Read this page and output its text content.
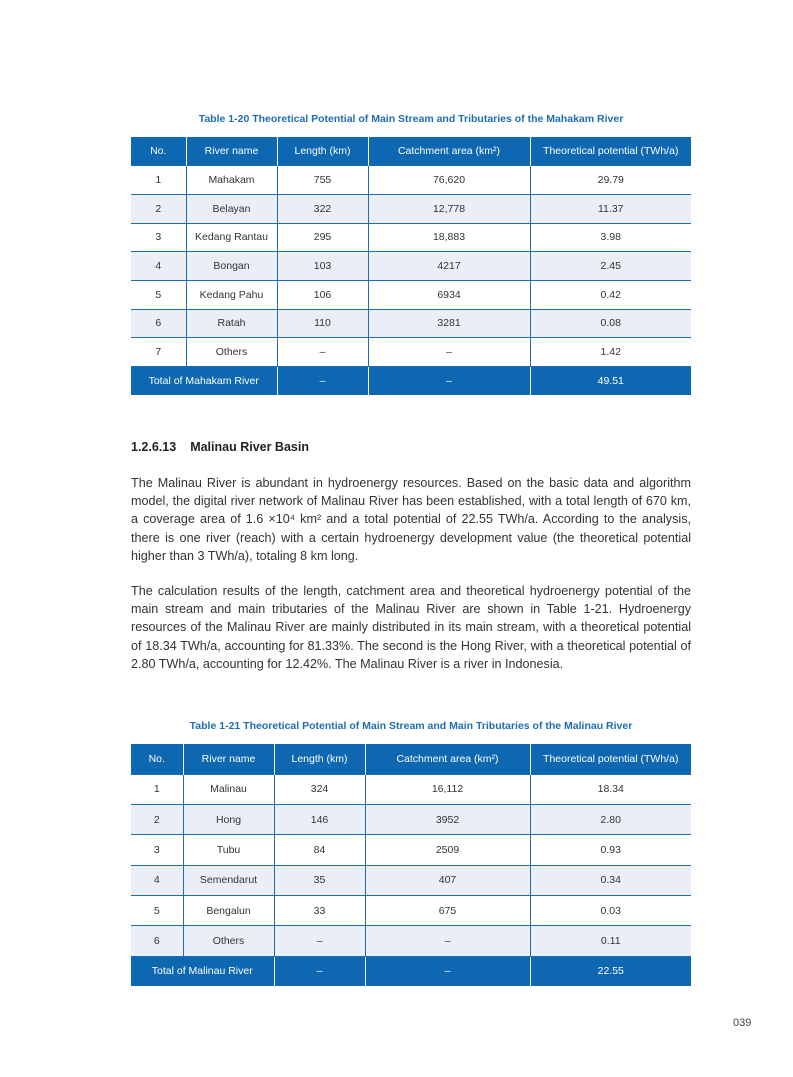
Table 1-20 Theoretical Potential of Main Stream and Tributaries of the Mahakam River
No.	River name	Length (km)	Catchment area (km²)	Theoretical potential (TWh/a)
1	Mahakam	755	76,620	29.79
2	Belayan	322	12,778	11.37
3	Kedang Rantau	295	18,883	3.98
4	Bongan	103	4217	2.45
5	Kedang Pahu	106	6934	0.42
6	Ratah	110	3281	0.08
7	Others	–	–	1.42
Total of Mahakam River		–	–	49.51
1.2.6.13 Malinau River Basin

The Malinau River is abundant in hydroenergy resources. Based on the basic data and algorithm model, the digital river network of Malinau River has been established, with a total length of 670 km, a coverage area of 1.6 ×10⁴ km² and a total potential of 22.55 TWh/a. According to the analysis, there is one river (reach) with a certain hydroenergy development value (the theoretical potential higher than 3 TWh/a), totaling 8 km long.

The calculation results of the length, catchment area and theoretical hydroenergy potential of the main stream and main tributaries of the Malinau River are shown in Table 1-21. Hydroenergy resources of the Malinau River are mainly distributed in its main stream, with a theoretical potential of 18.34 TWh/a, accounting for 81.33%. The second is the Hong River, with a theoretical potential of 2.80 TWh/a, accounting for 12.42%. The Malinau River is a river in Indonesia.

Table 1-21 Theoretical Potential of Main Stream and Main Tributaries of the Malinau River
No.	River name	Length (km)	Catchment area (km²)	Theoretical potential (TWh/a)
1	Malinau	324	16,112	18.34
2	Hong	146	3952	2.80
3	Tubu	84	2509	0.93
4	Semendarut	35	407	0.34
5	Bengalun	33	675	0.03
6	Others	–	–	0.11
Total of Malinau River		–	–	22.55
039
